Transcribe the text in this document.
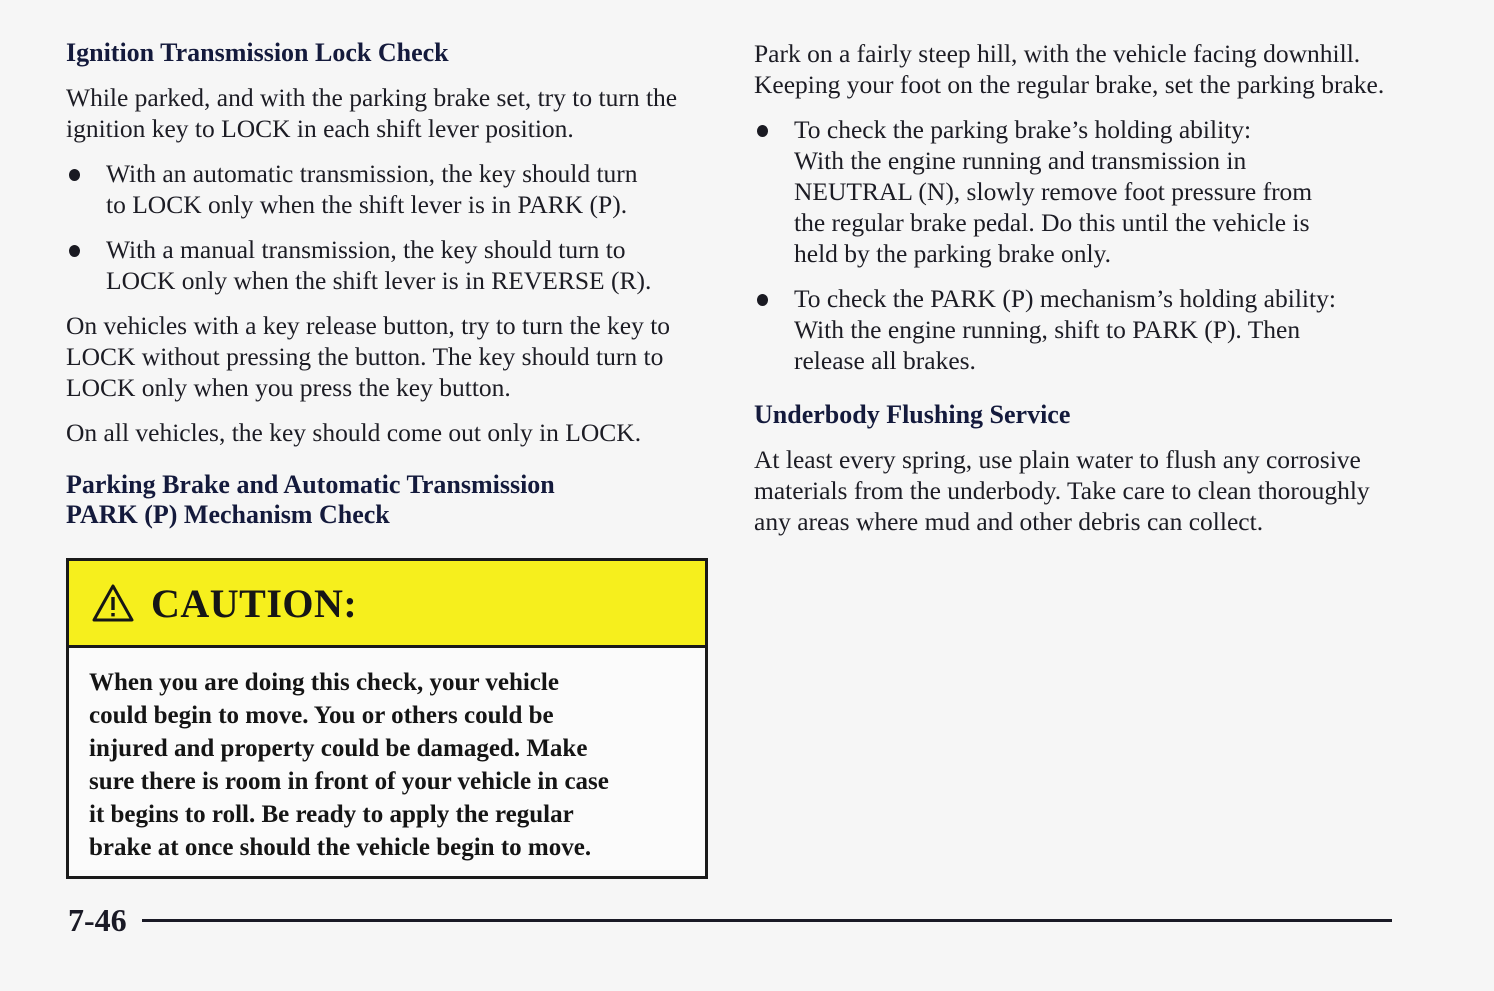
Ignition Transmission Lock Check

While parked, and with the parking brake set, try to turn the ignition key to LOCK in each shift lever position.

With an automatic transmission, the key should turn
to LOCK only when the shift lever is in PARK (P).
With a manual transmission, the key should turn to
LOCK only when the shift lever is in REVERSE (R).

On vehicles with a key release button, try to turn the key to LOCK without pressing the button. The key should turn to LOCK only when you press the key button.

On all vehicles, the key should come out only in LOCK.

Parking Brake and Automatic Transmission
PARK (P) Mechanism Check
CAUTION:
When you are doing this check, your vehicle
could begin to move. You or others could be
injured and property could be damaged. Make
sure there is room in front of your vehicle in case
it begins to roll. Be ready to apply the regular
brake at once should the vehicle begin to move.

Park on a fairly steep hill, with the vehicle facing downhill. Keeping your foot on the regular brake, set the parking brake.

To check the parking brake’s holding ability:
With the engine running and transmission in
NEUTRAL (N), slowly remove foot pressure from
the regular brake pedal. Do this until the vehicle is
held by the parking brake only.
To check the PARK (P) mechanism’s holding ability:
With the engine running, shift to PARK (P). Then
release all brakes.
Underbody Flushing Service

At least every spring, use plain water to flush any corrosive materials from the underbody. Take care to clean thoroughly any areas where mud and other debris can collect.

7-46
